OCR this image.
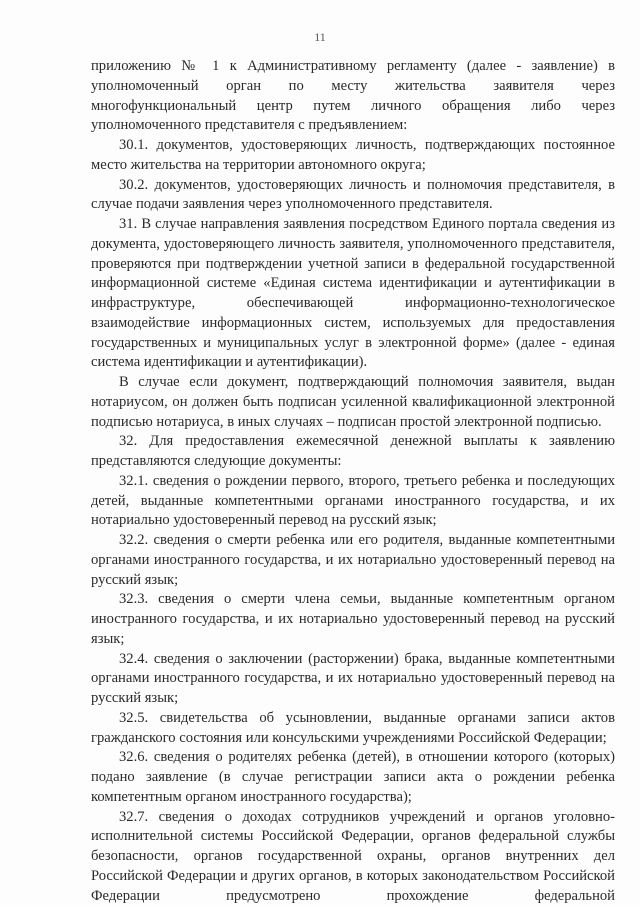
11

приложению № 1 к Административному регламенту (далее - заявление) в уполномоченный орган по месту жительства заявителя через многофункциональный центр путем личного обращения либо через уполномоченного представителя с предъявлением:

30.1. документов, удостоверяющих личность, подтверждающих постоянное место жительства на территории автономного округа;

30.2. документов, удостоверяющих личность и полномочия представителя, в случае подачи заявления через уполномоченного представителя.

31. В случае направления заявления посредством Единого портала сведения из документа, удостоверяющего личность заявителя, уполномоченного представителя, проверяются при подтверждении учетной записи в федеральной государственной информационной системе «Единая система идентификации и аутентификации в инфраструктуре, обеспечивающей информационно-технологическое взаимодействие информационных систем, используемых для предоставления государственных и муниципальных услуг в электронной форме» (далее - единая система идентификации и аутентификации).

В случае если документ, подтверждающий полномочия заявителя, выдан нотариусом, он должен быть подписан усиленной квалификационной электронной подписью нотариуса, в иных случаях – подписан простой электронной подписью.

32. Для предоставления ежемесячной денежной выплаты к заявлению представляются следующие документы:

32.1. сведения о рождении первого, второго, третьего ребенка и последующих детей, выданные компетентными органами иностранного государства, и их нотариально удостоверенный перевод на русский язык;

32.2. сведения о смерти ребенка или его родителя, выданные компетентными органами иностранного государства, и их нотариально удостоверенный перевод на русский язык;

32.3. сведения о смерти члена семьи, выданные компетентным органом иностранного государства, и их нотариально удостоверенный перевод на русский язык;

32.4. сведения о заключении (расторжении) брака, выданные компетентными органами иностранного государства, и их нотариально удостоверенный перевод на русский язык;

32.5. свидетельства об усыновлении, выданные органами записи актов гражданского состояния или консульскими учреждениями Российской Федерации;

32.6. сведения о родителях ребенка (детей), в отношении которого (которых) подано заявление (в случае регистрации записи акта о рождении ребенка компетентным органом иностранного государства);

32.7. сведения о доходах сотрудников учреждений и органов уголовно-исполнительной системы Российской Федерации, органов федеральной службы безопасности, органов государственной охраны, органов внутренних дел Российской Федерации и других органов, в которых законодательством Российской Федерации предусмотрено прохождение федеральной
